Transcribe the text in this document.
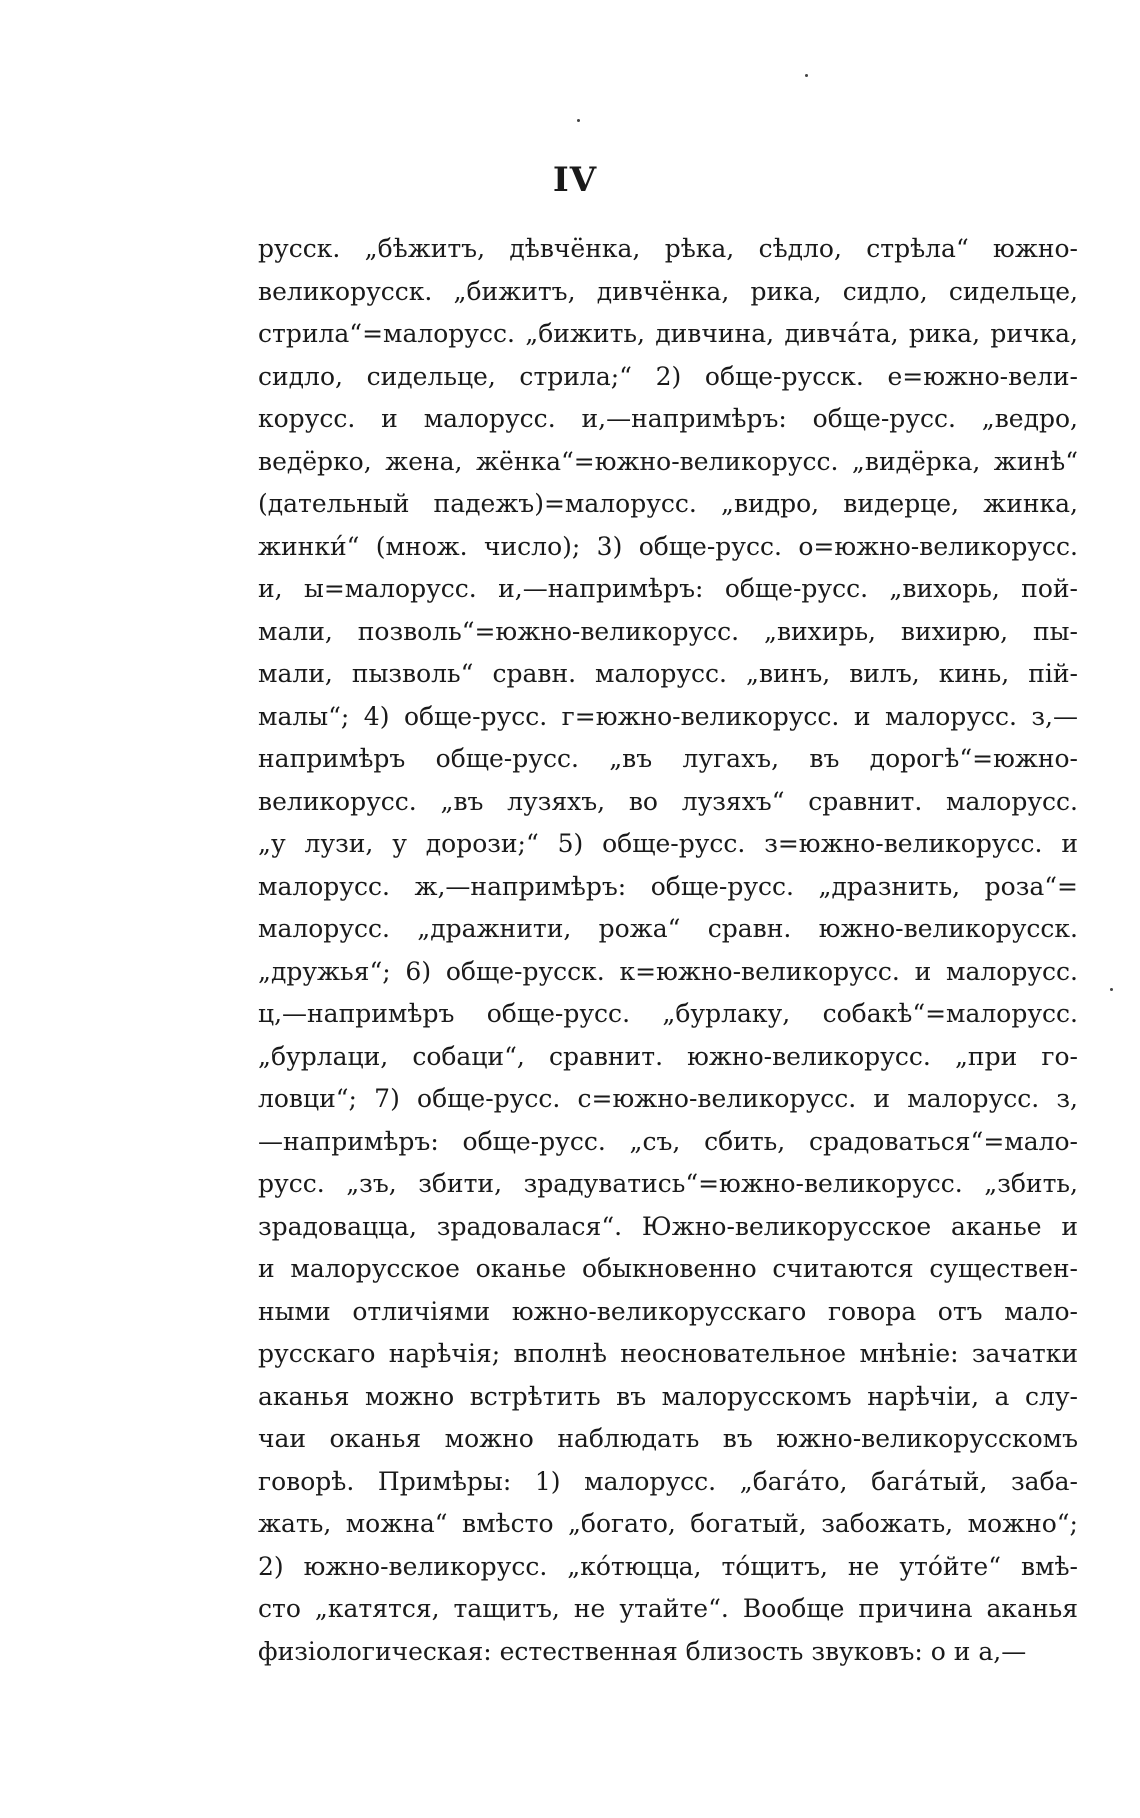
IV
русск. „бѣжитъ, дѣвчёнка, рѣка, сѣдло, стрѣла“ южно-
великорусск. „бижитъ, дивчёнка, рика, сидло, сидельце,
стрила“=малорусс. „бижить, дивчина, дивча́та, рика, ричка,
сидло, сидельце, стрила;“ 2) обще-русск. е=южно-вели-
корусс. и малорусс. и,—напримѣръ: обще-русс. „ведро,
ведёрко, жена, жёнка“=южно-великорусс. „видёрка, жинѣ“
(дательный падежъ)=малорусс. „видро, видерце, жинка,
жинки́“ (множ. число); 3) обще-русс. о=южно-великорусс.
и, ы=малорусс. и,—напримѣръ: обще-русс. „вихорь, пой-
мали, позволь“=южно-великорусс. „вихирь, вихирю, пы-
мали, пызволь“ сравн. малорусс. „винъ, вилъ, кинь, пій-
малы“; 4) обще-русс. г=южно-великорусс. и малорусс. з,—
напримѣръ обще-русс. „въ лугахъ, въ дорогѣ“=южно-
великорусс. „въ лузяхъ, во лузяхъ“ сравнит. малорусс.
„у лузи, у дорози;“ 5) обще-русс. з=южно-великорусс. и
малорусс. ж,—напримѣръ: обще-русс. „дразнить, роза“=
малорусс. „дражнити, рожа“ сравн. южно-великорусск.
„дружья“; 6) обще-русск. к=южно-великорусс. и малорусс.
ц,—напримѣръ обще-русс. „бурлаку, собакѣ“=малорусс.
„бурлаци, собаци“, сравнит. южно-великорусс. „при го-
ловци“; 7) обще-русс. с=южно-великорусс. и малорусс. з,
—напримѣръ: обще-русс. „съ, сбить, срадоваться“=мало-
русс. „зъ, збити, зрадуватись“=южно-великорусс. „збить,
зрадовацца, зрадовалася“. Южно-великорусское аканье и
и малорусское оканье обыкновенно считаются существен-
ными отличіями южно-великорусскаго говора отъ мало-
русскаго нарѣчія; вполнѣ неосновательное мнѣніе: зачатки
аканья можно встрѣтить въ малорусскомъ нарѣчіи, а слу-
чаи оканья можно наблюдать въ южно-великорусскомъ
говорѣ. Примѣры: 1) малорусс. „бага́то, бага́тый, заба-
жать, можна“ вмѣсто „богато, богатый, забожать, можно“;
2) южно-великорусс. „ко́тюцца, то́щитъ, не уто́йте“ вмѣ-
сто „катятся, тащитъ, не утайте“. Вообще причина аканья
физіологическая: естественная близость звуковъ: о и а,—
